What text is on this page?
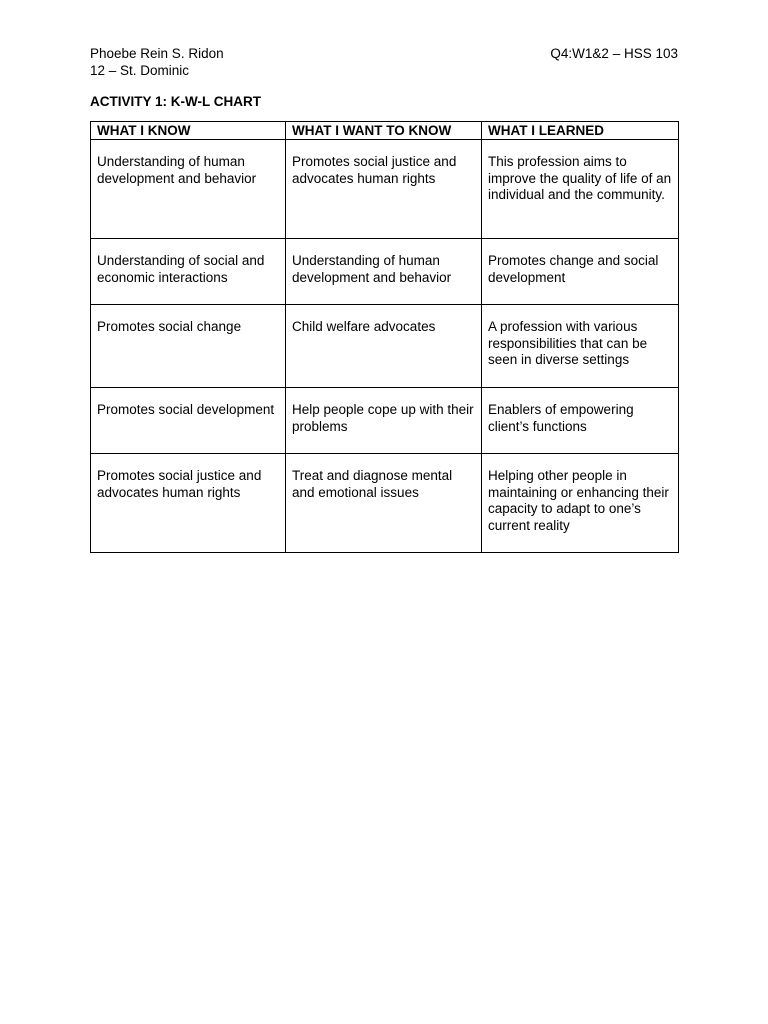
Phoebe Rein S. Ridon	Q4:W1&2 – HSS 103
12 – St. Dominic
ACTIVITY 1: K-W-L CHART
WHAT I KNOW	WHAT I WANT TO KNOW	WHAT I LEARNED
Understanding of human development and behavior	Promotes social justice and advocates human rights	This profession aims to improve the quality of life of an individual and the community.
Understanding of social and economic interactions	Understanding of human development and behavior	Promotes change and social development
Promotes social change	Child welfare advocates	A profession with various responsibilities that can be seen in diverse settings
Promotes social development	Help people cope up with their problems	Enablers of empowering client’s functions
Promotes social justice and advocates human rights	Treat and diagnose mental and emotional issues	Helping other people in maintaining or enhancing their capacity to adapt to one’s current reality
